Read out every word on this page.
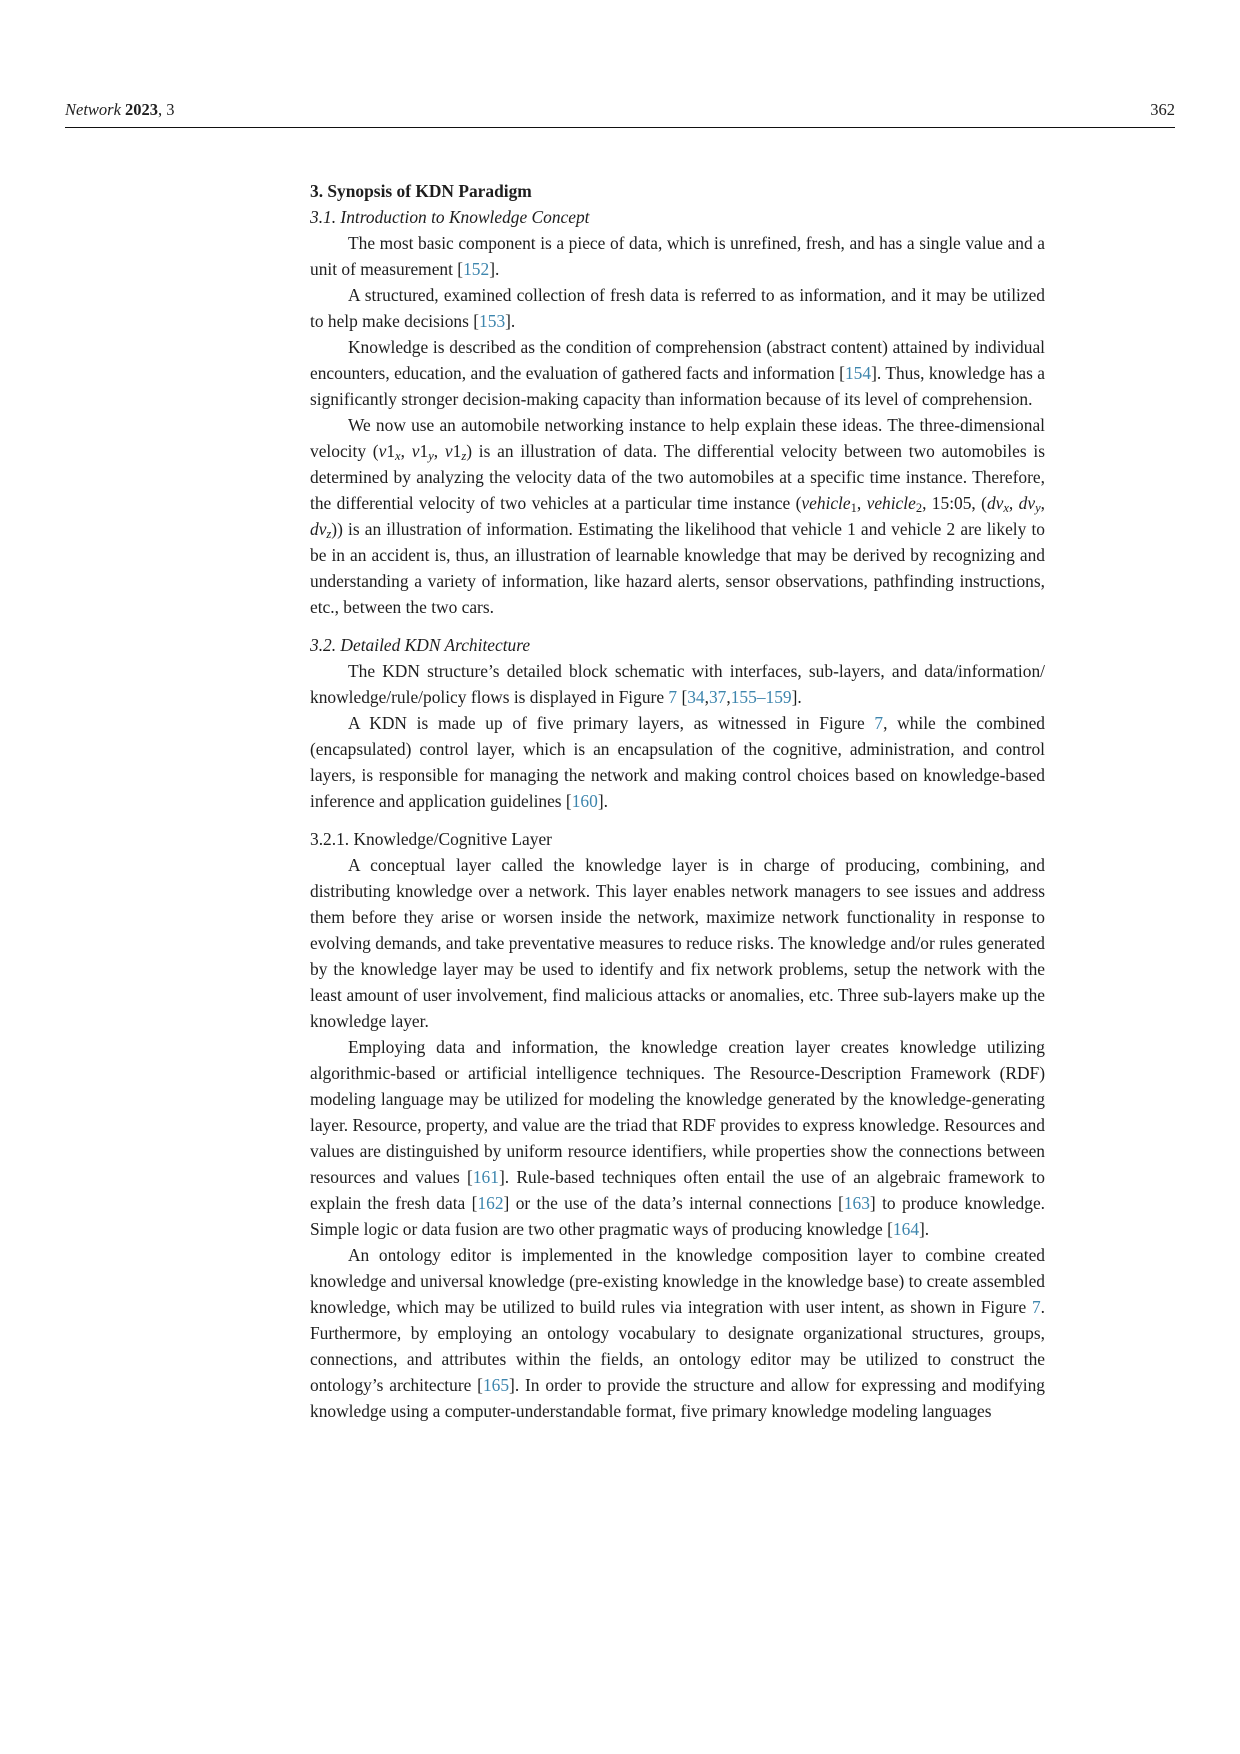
Network 2023, 3	362
3. Synopsis of KDN Paradigm
3.1. Introduction to Knowledge Concept
The most basic component is a piece of data, which is unrefined, fresh, and has a single value and a unit of measurement [152].
A structured, examined collection of fresh data is referred to as information, and it may be utilized to help make decisions [153].
Knowledge is described as the condition of comprehension (abstract content) attained by individual encounters, education, and the evaluation of gathered facts and information [154]. Thus, knowledge has a significantly stronger decision-making capacity than information because of its level of comprehension.
We now use an automobile networking instance to help explain these ideas. The three-dimensional velocity ($v1_x$, $v1_y$, $v1_z$) is an illustration of data. The differential velocity between two automobiles is determined by analyzing the velocity data of the two automobiles at a specific time instance. Therefore, the differential velocity of two vehicles at a particular time instance (vehicle$_1$, vehicle$_2$, 15:05, ($dv_x$, $dv_y$, $dv_z$)) is an illustration of information. Estimating the likelihood that vehicle 1 and vehicle 2 are likely to be in an accident is, thus, an illustration of learnable knowledge that may be derived by recognizing and understanding a variety of information, like hazard alerts, sensor observations, pathfinding instructions, etc., between the two cars.
3.2. Detailed KDN Architecture
The KDN structure’s detailed block schematic with interfaces, sub-layers, and data/information/ knowledge/rule/policy flows is displayed in Figure 7 [34,37,155–159].
A KDN is made up of five primary layers, as witnessed in Figure 7, while the combined (encapsulated) control layer, which is an encapsulation of the cognitive, administration, and control layers, is responsible for managing the network and making control choices based on knowledge-based inference and application guidelines [160].
3.2.1. Knowledge/Cognitive Layer
A conceptual layer called the knowledge layer is in charge of producing, combining, and distributing knowledge over a network. This layer enables network managers to see issues and address them before they arise or worsen inside the network, maximize network functionality in response to evolving demands, and take preventative measures to reduce risks. The knowledge and/or rules generated by the knowledge layer may be used to identify and fix network problems, setup the network with the least amount of user involvement, find malicious attacks or anomalies, etc. Three sub-layers make up the knowledge layer.
Employing data and information, the knowledge creation layer creates knowledge utilizing algorithmic-based or artificial intelligence techniques. The Resource-Description Framework (RDF) modeling language may be utilized for modeling the knowledge generated by the knowledge-generating layer. Resource, property, and value are the triad that RDF provides to express knowledge. Resources and values are distinguished by uniform resource identifiers, while properties show the connections between resources and values [161]. Rule-based techniques often entail the use of an algebraic framework to explain the fresh data [162] or the use of the data’s internal connections [163] to produce knowledge. Simple logic or data fusion are two other pragmatic ways of producing knowledge [164].
An ontology editor is implemented in the knowledge composition layer to combine created knowledge and universal knowledge (pre-existing knowledge in the knowledge base) to create assembled knowledge, which may be utilized to build rules via integration with user intent, as shown in Figure 7. Furthermore, by employing an ontology vocabulary to designate organizational structures, groups, connections, and attributes within the fields, an ontology editor may be utilized to construct the ontology’s architecture [165]. In order to provide the structure and allow for expressing and modifying knowledge using a computer-understandable format, five primary knowledge modeling languages
